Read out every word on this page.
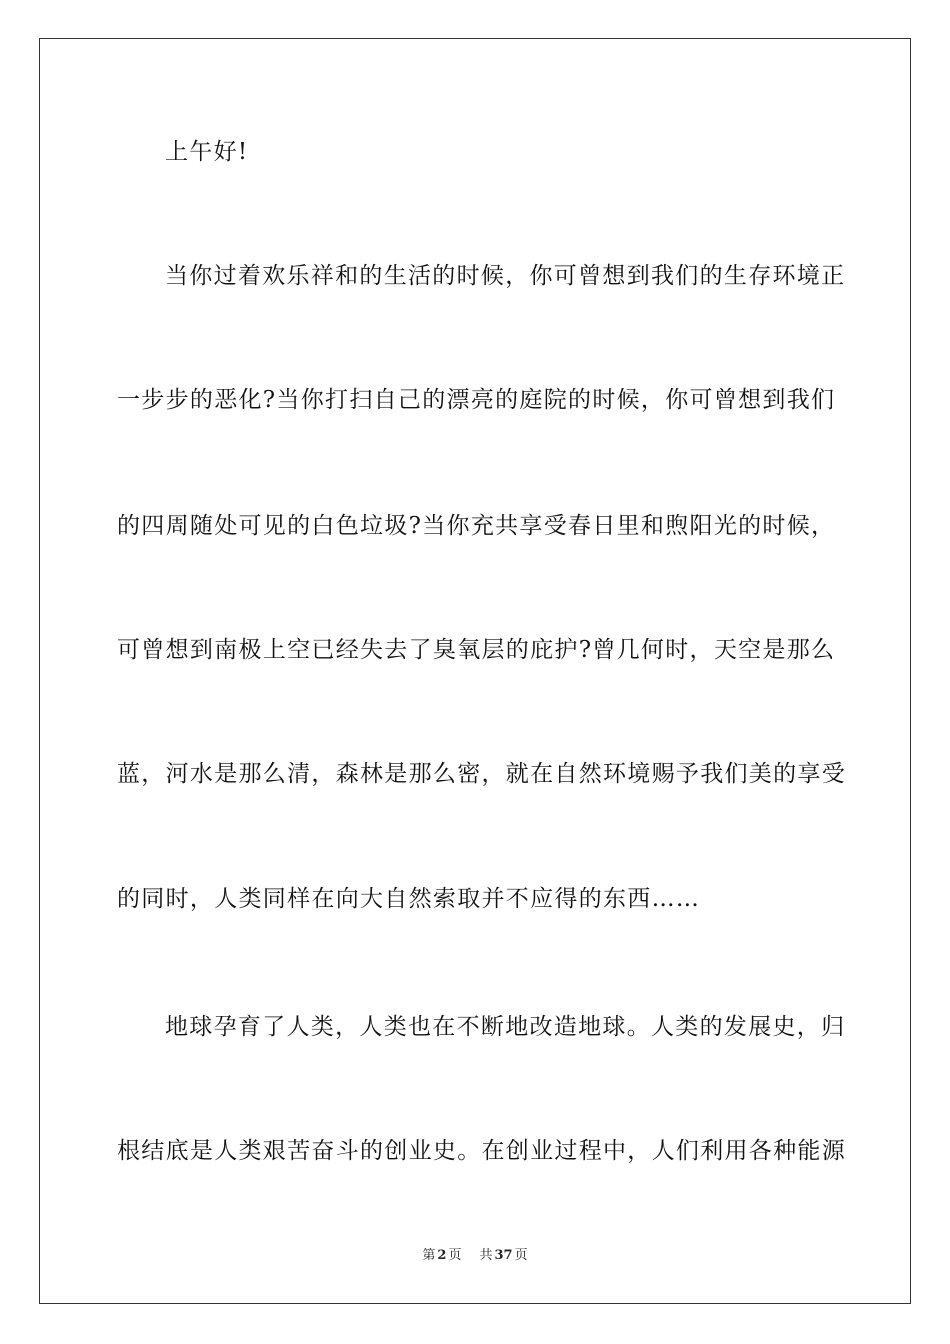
上午好!
当你过着欢乐祥和的生活的时候，你可曾想到我们的生存环境正
一步步的恶化?当你打扫自己的漂亮的庭院的时候，你可曾想到我们
的四周随处可见的白色垃圾?当你充共享受春日里和煦阳光的时候，
可曾想到南极上空已经失去了臭氧层的庇护?曾几何时，天空是那么
蓝，河水是那么清，森林是那么密，就在自然环境赐予我们美的享受
的同时，人类同样在向大自然索取并不应得的东西……
地球孕育了人类，人类也在不断地改造地球。人类的发展史，归
根结底是人类艰苦奋斗的创业史。在创业过程中，人们利用各种能源
第 2 页 共 37 页
